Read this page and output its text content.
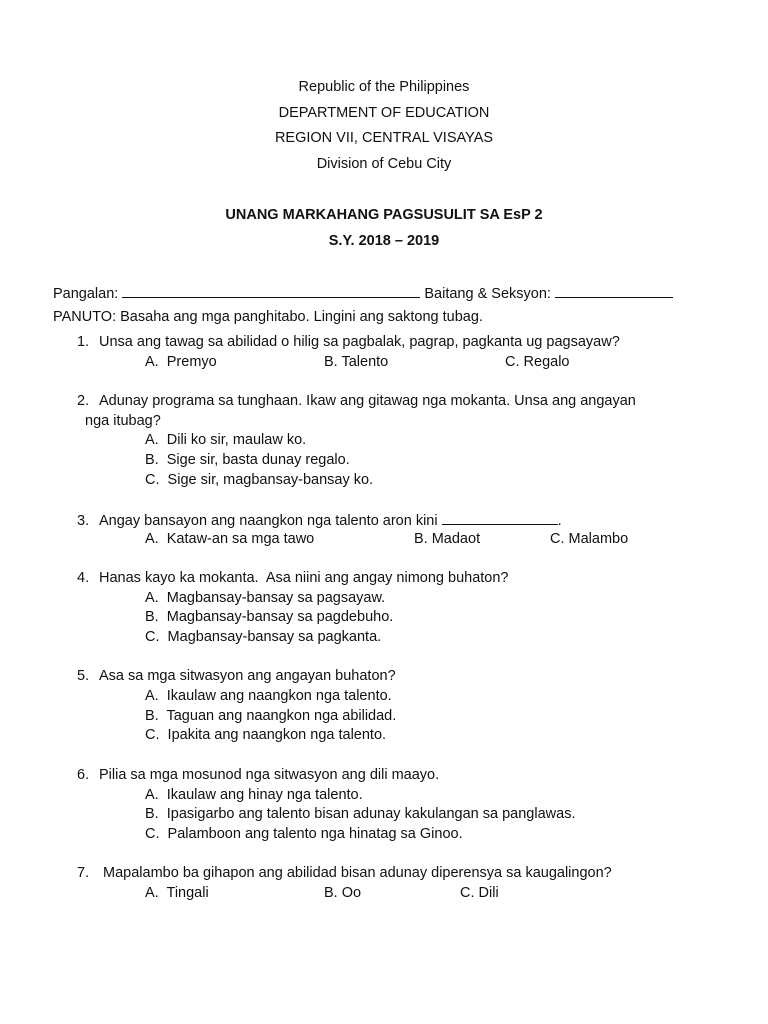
Republic of the Philippines
DEPARTMENT OF EDUCATION
REGION VII, CENTRAL VISAYAS
Division of Cebu City
UNANG MARKAHANG PAGSUSULIT SA EsP 2
S.Y. 2018 – 2019
Pangalan:	Baitang & Seksyon:
PANUTO: Basaha ang mga panghitabo. Lingini ang saktong tubag.
1. Unsa ang tawag sa abilidad o hilig sa pagbalak, pagrap, pagkanta ug pagsayaw?
A.  Premyo	B. Talento	C. Regalo
2. Adunay programa sa tunghaan. Ikaw ang gitawag nga mokanta. Unsa ang angayan
nga itubag?
A.  Dili ko sir, maulaw ko.
B.  Sige sir, basta dunay regalo.
C.  Sige sir, magbansay-bansay ko.
3. Angay bansayon ang naangkon nga talento aron kini	.
A.  Kataw-an sa mga tawo	B. Madaot	C. Malambo
4. Hanas kayo ka mokanta.  Asa niini ang angay nimong buhaton?
A.  Magbansay-bansay sa pagsayaw.
B.  Magbansay-bansay sa pagdebuho.
C.  Magbansay-bansay sa pagkanta.
5. Asa sa mga sitwasyon ang angayan buhaton?
A.  Ikaulaw ang naangkon nga talento.
B.  Taguan ang naangkon nga abilidad.
C.  Ipakita ang naangkon nga talento.
6. Pilia sa mga mosunod nga sitwasyon ang dili maayo.
A.  Ikaulaw ang hinay nga talento.
B.  Ipasigarbo ang talento bisan adunay kakulangan sa panglawas.
C.  Palamboon ang talento nga hinatag sa Ginoo.
7. Mapalambo ba gihapon ang abilidad bisan adunay diperensya sa kaugalingon?
A.  Tingali	B. Oo	C. Dili
